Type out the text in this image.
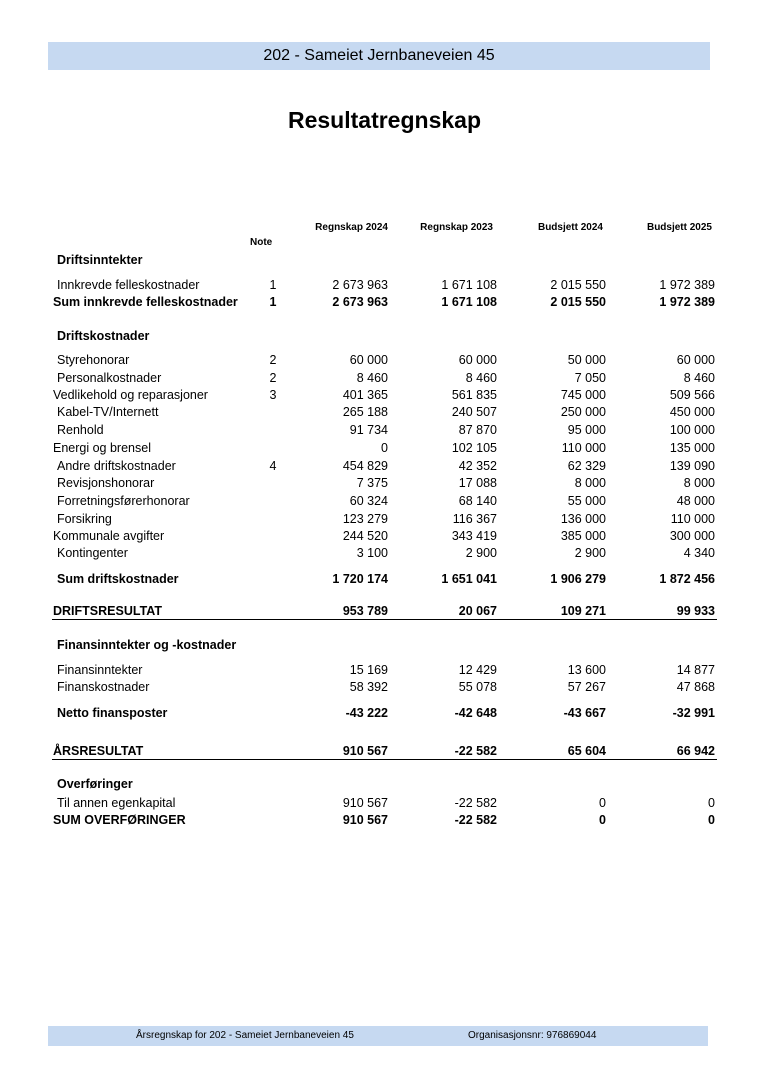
202 - Sameiet Jernbaneveien 45
Resultatregnskap
Regnskap 2024	Regnskap 2023	Budsjett 2024	Budsjett 2025
Note
Driftsinntekter
Innkrevde felleskostnader	1	2 673 963	1 671 108	2 015 550	1 972 389
Sum innkrevde felleskostnader	1	2 673 963	1 671 108	2 015 550	1 972 389
Driftskostnader
Styrehonorar	2	60 000	60 000	50 000	60 000
Personalkostnader	2	8 460	8 460	7 050	8 460
Vedlikehold og reparasjoner	3	401 365	561 835	745 000	509 566
Kabel-TV/Internett	265 188	240 507	250 000	450 000
Renhold	91 734	87 870	95 000	100 000
Energi og brensel	0	102 105	110 000	135 000
Andre driftskostnader	4	454 829	42 352	62 329	139 090
Revisjonshonorar	7 375	17 088	8 000	8 000
Forretningsførerhonorar	60 324	68 140	55 000	48 000
Forsikring	123 279	116 367	136 000	110 000
Kommunale avgifter	244 520	343 419	385 000	300 000
Kontingenter	3 100	2 900	2 900	4 340
Sum driftskostnader	1 720 174	1 651 041	1 906 279	1 872 456
DRIFTSRESULTAT	953 789	20 067	109 271	99 933
Finansinntekter og -kostnader
Finansinntekter	15 169	12 429	13 600	14 877
Finanskostnader	58 392	55 078	57 267	47 868
Netto finansposter	-43 222	-42 648	-43 667	-32 991
ÅRSRESULTAT	910 567	-22 582	65 604	66 942
Overføringer
Til annen egenkapital	910 567	-22 582	0	0
SUM OVERFØRINGER	910 567	-22 582	0	0
Årsregnskap for 202 - Sameiet Jernbaneveien 45	Organisasjonsnr: 976869044
